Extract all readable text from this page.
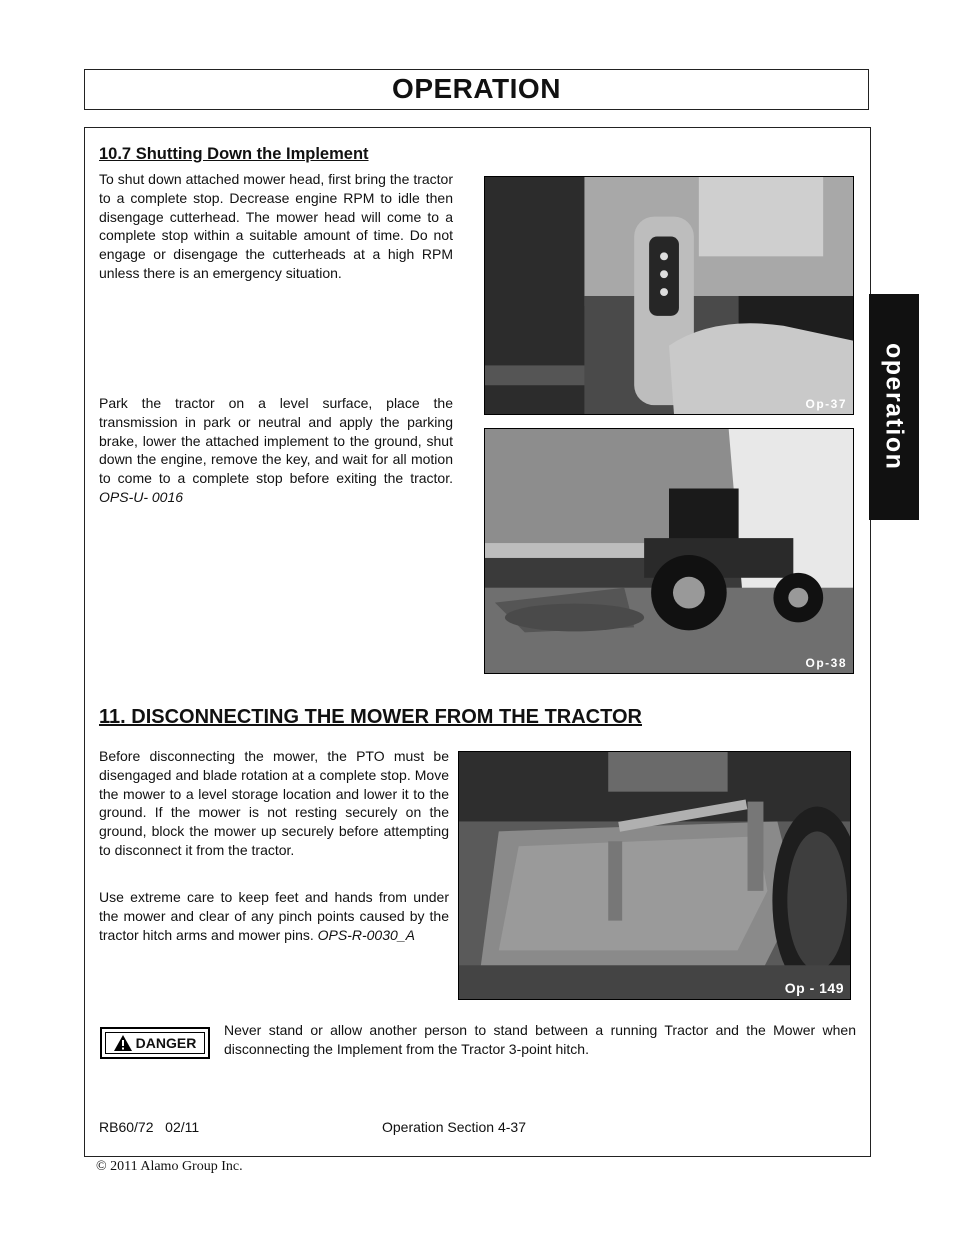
OPERATION
operation
10.7 Shutting Down the Implement

To shut down attached mower head, first bring the tractor to a complete stop. Decrease engine RPM to idle then disengage cutterhead. The mower head will come to a complete stop within a suitable amount of time. Do not engage or disengage the cutterheads at a high RPM unless there is an emergency situation.

Park the tractor on a level surface, place the transmission in park or neutral and apply the parking brake, lower the attached implement to the ground, shut down the engine, remove the key, and wait for all motion to come to a complete stop before exiting the tractor. OPS-U- 0016

Op-37
Op-38
11. DISCONNECTING THE MOWER FROM THE TRACTOR

Before disconnecting the mower, the PTO must be disengaged and blade rotation at a complete stop. Move the mower to a level storage location and lower it to the ground. If the mower is not resting securely on the ground, block the mower up securely before attempting to disconnect it from the tractor.

Use extreme care to keep feet and hands from under the mower and clear of any pinch points caused by the tractor hitch arms and mower pins. OPS-R-0030_A

Op - 149
DANGER

Never stand or allow another person to stand between a running Tractor and the Mower when disconnecting the Implement from the Tractor 3-point hitch.

RB60/72   02/11	Operation Section 4-37
© 2011 Alamo Group Inc.
